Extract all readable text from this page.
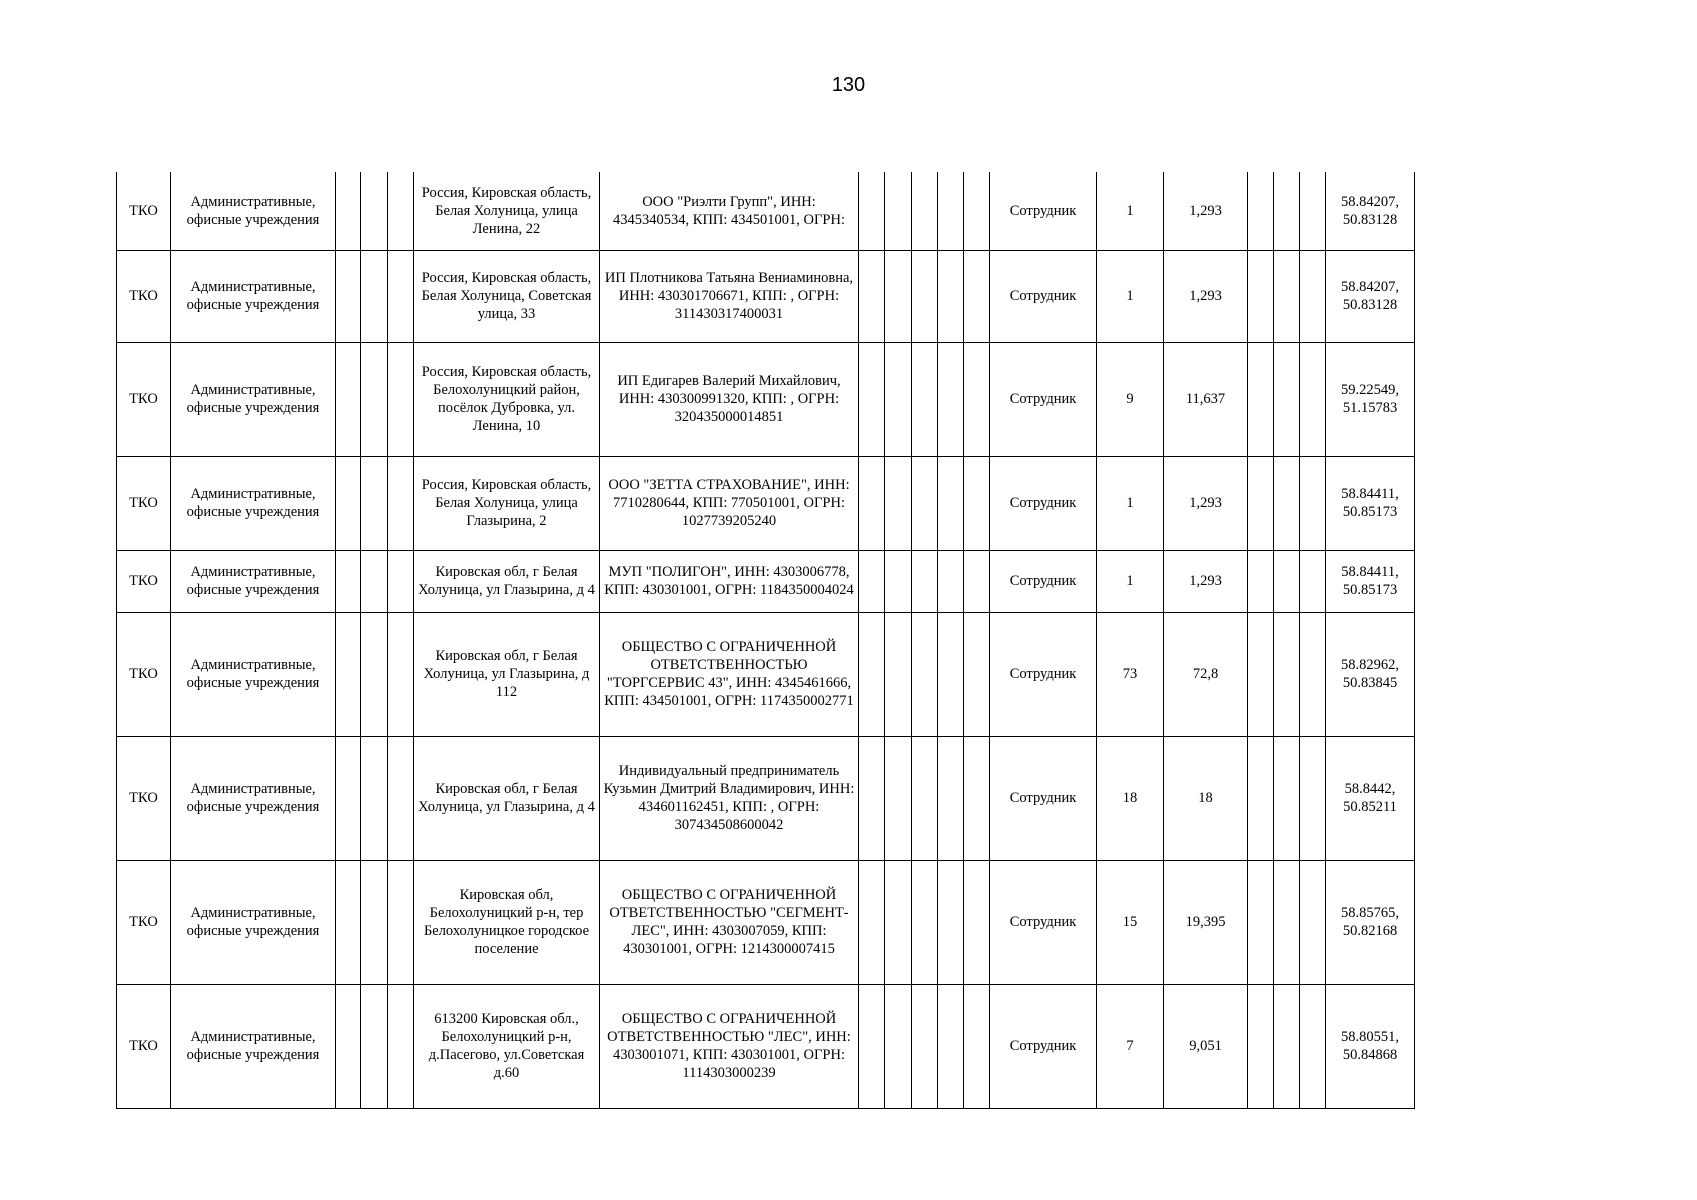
130
ТКО	Административные, офисные учреждения				Россия, Кировская область, Белая Холуница, улица Ленина, 22	ООО "Риэлти Групп", ИНН: 4345340534, КПП: 434501001, ОГРН:						Сотрудник	1	1,293				58.84207, 50.83128
ТКО	Административные, офисные учреждения				Россия, Кировская область, Белая Холуница, Советская улица, 33	ИП Плотникова Татьяна Вениаминовна, ИНН: 430301706671, КПП: , ОГРН: 311430317400031						Сотрудник	1	1,293				58.84207, 50.83128
ТКО	Административные, офисные учреждения				Россия, Кировская область, Белохолуницкий район, посёлок Дубровка, ул. Ленина, 10	ИП Едигарев Валерий Михайлович, ИНН: 430300991320, КПП: , ОГРН: 320435000014851						Сотрудник	9	11,637				59.22549, 51.15783
ТКО	Административные, офисные учреждения				Россия, Кировская область, Белая Холуница, улица Глазырина, 2	ООО "ЗЕТТА СТРАХОВАНИЕ", ИНН: 7710280644, КПП: 770501001, ОГРН: 1027739205240						Сотрудник	1	1,293				58.84411, 50.85173
ТКО	Административные, офисные учреждения				Кировская обл, г Белая Холуница, ул Глазырина, д 4	МУП "ПОЛИГОН", ИНН: 4303006778, КПП: 430301001, ОГРН: 1184350004024						Сотрудник	1	1,293				58.84411, 50.85173
ТКО	Административные, офисные учреждения				Кировская обл, г Белая Холуница, ул Глазырина, д 112	ОБЩЕСТВО С ОГРАНИЧЕННОЙ ОТВЕТСТВЕННОСТЬЮ "ТОРГСЕРВИС 43", ИНН: 4345461666, КПП: 434501001, ОГРН: 1174350002771						Сотрудник	73	72,8				58.82962, 50.83845
ТКО	Административные, офисные учреждения				Кировская обл, г Белая Холуница, ул Глазырина, д 4	Индивидуальный предприниматель Кузьмин Дмитрий Владимирович, ИНН: 434601162451, КПП: , ОГРН: 307434508600042						Сотрудник	18	18				58.8442, 50.85211
ТКО	Административные, офисные учреждения				Кировская обл, Белохолуницкий р-н, тер Белохолуницкое городское поселение	ОБЩЕСТВО С ОГРАНИЧЕННОЙ ОТВЕТСТВЕННОСТЬЮ "СЕГМЕНТ-ЛЕС", ИНН: 4303007059, КПП: 430301001, ОГРН: 1214300007415						Сотрудник	15	19,395				58.85765, 50.82168
ТКО	Административные, офисные учреждения				613200 Кировская обл., Белохолуницкий р-н, д.Пасегово, ул.Советская д.60	ОБЩЕСТВО С ОГРАНИЧЕННОЙ ОТВЕТСТВЕННОСТЬЮ "ЛЕС", ИНН: 4303001071, КПП: 430301001, ОГРН: 1114303000239						Сотрудник	7	9,051				58.80551, 50.84868
